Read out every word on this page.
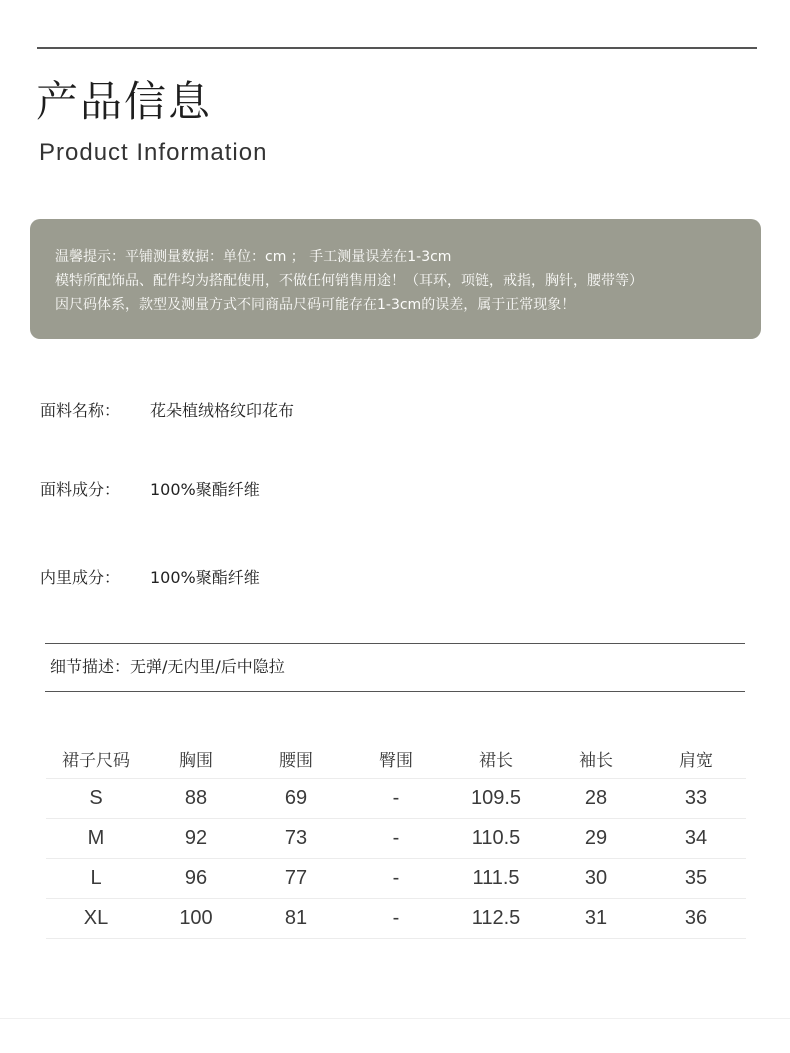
产品信息
Product Information

温馨提示：平铺测量数据：单位：cm ； 手工测量误差在1-3cm

模特所配饰品、配件均为搭配使用，不做任何销售用途！（耳环，项链，戒指，胸针，腰带等）

因尺码体系，款型及测量方式不同商品尺码可能存在1-3cm的误差，属于正常现象！

面料名称： 花朵植绒格纹印花布
面料成分： 100%聚酯纤维
内里成分： 100%聚酯纤维
细节描述：无弹/无内里/后中隐拉
裙子尺码	胸围	腰围	臀围	裙长	袖长	肩宽
S	88	69	-	109.5	28	33
M	92	73	-	110.5	29	34
L	96	77	-	111.5	30	35
XL	100	81	-	112.5	31	36
